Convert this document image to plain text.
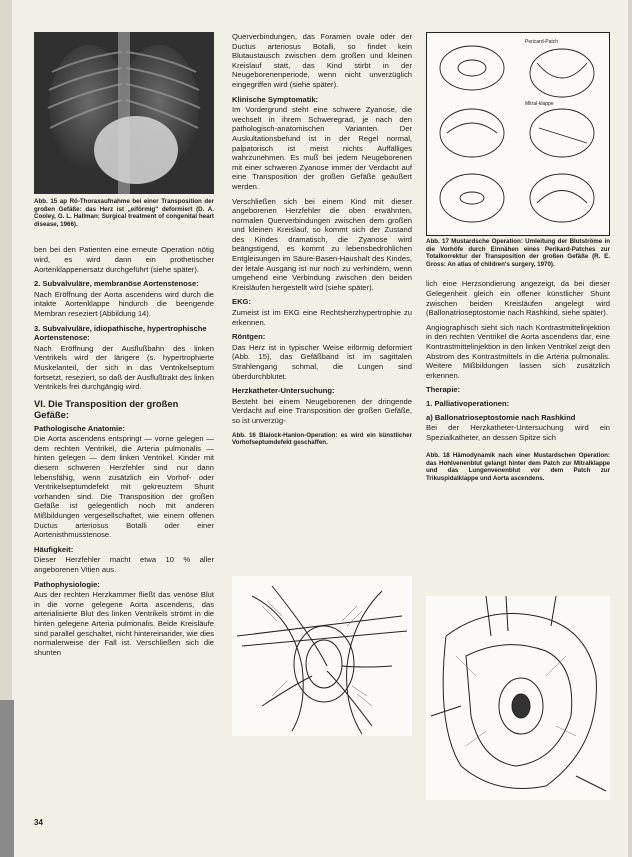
Abb. 15 ap Rö-Thoraxaufnahme bei einer Transposition der großen Gefäße: das Herz ist „eiförmig" deformiert (D. A. Cooley, G. L. Hallman: Surgical treatment of congenital heart disease, 1966).

ben bei den Patienten eine erneute Operation nötig wird, es wird dann ein prothetischer Aortenklappenersatz durchgeführt (siehe später).

2. Subvalvuläre, membranöse Aortenstenose:

Nach Eröffnung der Aorta ascendens wird durch die intakte Aortenklappe hindurch die beengende Membran reseziert (Abbildung 14).

3. Subvalvuläre, idiopathische, hypertrophische Aortenstenose:

Nach Eröffnung der Ausflußbahn des linken Ventrikels wird der längere (s. hypertrophierte Muskelanteil, der sich in das Ventrikelseptum fortsetzt, reseziert, so daß der Ausflußtrakt des linken Ventrikels frei durchgängig wird.

VI. Die Transposition der großen Gefäße:
Pathologische Anatomie:

Die Aorta ascendens entspringt — vorne gelegen — dem rechten Ventrikel, die Arteria pulmonalis — hinten gelegen — dem linken Ventrikel. Kinder mit diesem schweren Herzfehler sind nur dann lebensfähig, wenn zusätzlich ein Vorhof- oder Ventrikelseptumdefekt mit gekreuztem Shunt vorhanden sind. Die Transposition der großen Gefäße ist gelegentlich noch mit anderen Mißbildungen vergesellschaftet, wie einem offenen Ductus arteriosus Botalli oder einer Aortenisthmusstenose.

Häufigkeit:

Dieser Herzfehler macht etwa 10 % aller angeborenen Vitien aus.

Pathophysiologie:

Aus der rechten Herzkammer fließt das venöse Blut in die vorne gelegene Aorta ascendens, das arterialisierte Blut des linken Ventrikels strömt in die hinten gelegene Arteria pulmonalis. Beide Kreisläufe sind parallel geschaltet, nicht hintereinander, wie dies normalerweise der Fall ist. Verschließen sich die shunten

Querverbindungen, das Foramen ovale oder der Ductus arteriosus Botalli, so findet kein Blutaustausch zwischen dem großen und kleinen Kreislauf statt, das Kind stirbt in der Neugeborenenperiode, wenn nicht unverzüglich eingegriffen wird (siehe später).

Klinische Symptomatik:

Im Vordergrund steht eine schwere Zyanose, die wechselt in ihrem Schweregrad, je nach den pathologisch-anatomischen Varianten. Der Auskultationsbefund ist in der Regel normal, palpatorisch ist meist nichts Auffälliges wahrzunehmen. Es muß bei jedem Neugeborenen mit einer schweren Zyanose immer der Verdacht auf eine Transposition der großen Gefäße geäußert werden.

Verschließen sich bei einem Kind mit dieser angeborenen Herzfehler die oben erwähnten, normalen Querverbindungen zwischen dem großen und kleinen Kreislauf, so kommt sich der Zustand des Kindes dramatisch, die Zyanose wird beängstigend, es kommt zu lebensbedrohlichen Entgleisungen im Säure-Basen-Haushalt des Kindes, der letale Ausgang ist nur noch zu verhindern, wenn umgehend eine Verbindung zwischen den beiden Kreisläufen hergestellt wird (siehe später).

EKG:

Zumeist ist im EKG eine Rechtsherzhypertrophie zu erkennen.

Röntgen:

Das Herz ist in typischer Weise eiförmig deformiert (Abb. 15), das Gefäßband ist im sagittalen Strahlengang schmal, die Lungen sind überdurchblutet.

Herzkatheter-Untersuchung:

Besteht bei einem Neugeborenen der dringende Verdacht auf eine Transposition der großen Gefäße, so ist unverzüg-

Abb. 16 Blalock-Hanlon-Operation: es wird ein künstlicher Vorhofseptumdefekt geschaffen.

Pericard-Patch
Mitral-klappe

Abb. 17 Mustardsche Operation: Umleitung der Blutströme in die Vorhöfe durch Einnähen eines Perikard-Patches zur Totalkorrektur der Transposition der großen Gefäße (R. E. Gross: An atlas of children's surgery, 1970).

lich eine Herzsondierung angezeigt, da bei dieser Gelegenheit gleich ein offener künstlicher Shunt zwischen beiden Kreisläufen angelegt wird (Ballonatrioseptostomie nach Rashkind, siehe später).

Angiographisch sieht sich nach Kontrastmittelinjektion in den rechten Ventrikel die Aorta ascendens dar, eine Kontrastmittelinjektion in den linken Ventrikel zeigt den Abstrom des Kontrastmittels in die Arteria pulmonalis. Weitere Mißbildungen lassen sich zusätzlich erkennen.

Therapie:
1. Palliativoperationen:
a) Ballonatrioseptostomie nach Rashkind

Bei der Herzkatheter-Untersuchung wird ein Spezialkatheter, an dessen Spitze sich

Abb. 18 Hämodynamik nach einer Mustardschen Operation: das Hohlvenenblut gelangt hinter dem Patch zur Mitralklappe und das Lungenvenenblut vor dem Patch zur Trikuspidalklappe und Aorta ascendens.

34
